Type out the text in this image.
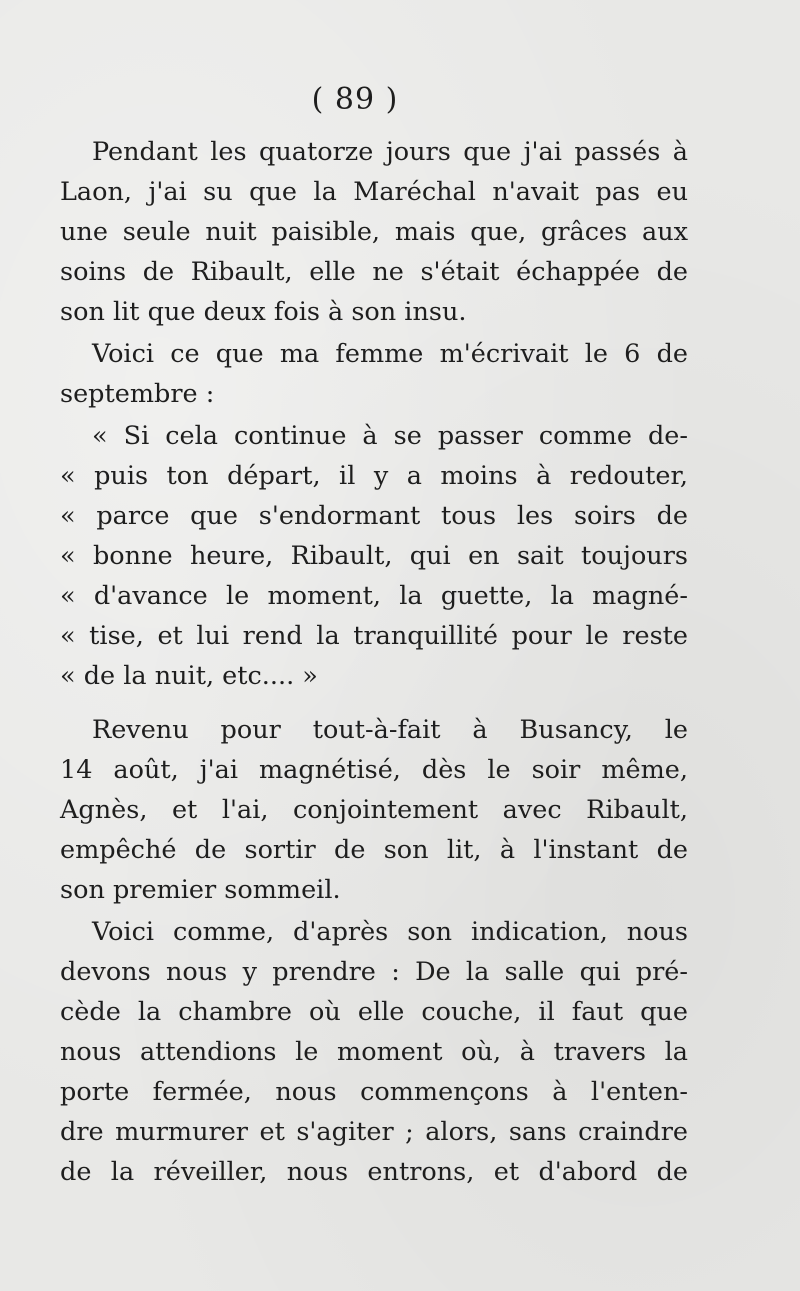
( 89 )
Pendant les quatorze jours que j'ai passés à
Laon, j'ai su que la Maréchal n'avait pas eu
une seule nuit paisible, mais que, grâces aux
soins de Ribault, elle ne s'était échappée de
son lit que deux fois à son insu.
Voici ce que ma femme m'écrivait le 6 de
septembre :
« Si cela continue à se passer comme de-
« puis ton départ, il y a moins à redouter,
« parce que s'endormant tous les soirs de
« bonne heure, Ribault, qui en sait toujours
« d'avance le moment, la guette, la magné-
« tise, et lui rend la tranquillité pour le reste
« de la nuit, etc.... »
Revenu pour tout-à-fait à Busancy, le
14 août, j'ai magnétisé, dès le soir même,
Agnès, et l'ai, conjointement avec Ribault,
empêché de sortir de son lit, à l'instant de
son premier sommeil.
Voici comme, d'après son indication, nous
devons nous y prendre : De la salle qui pré-
cède la chambre où elle couche, il faut que
nous attendions le moment où, à travers la
porte fermée, nous commençons à l'enten-
dre murmurer et s'agiter ; alors, sans craindre
de la réveiller, nous entrons, et d'abord de
